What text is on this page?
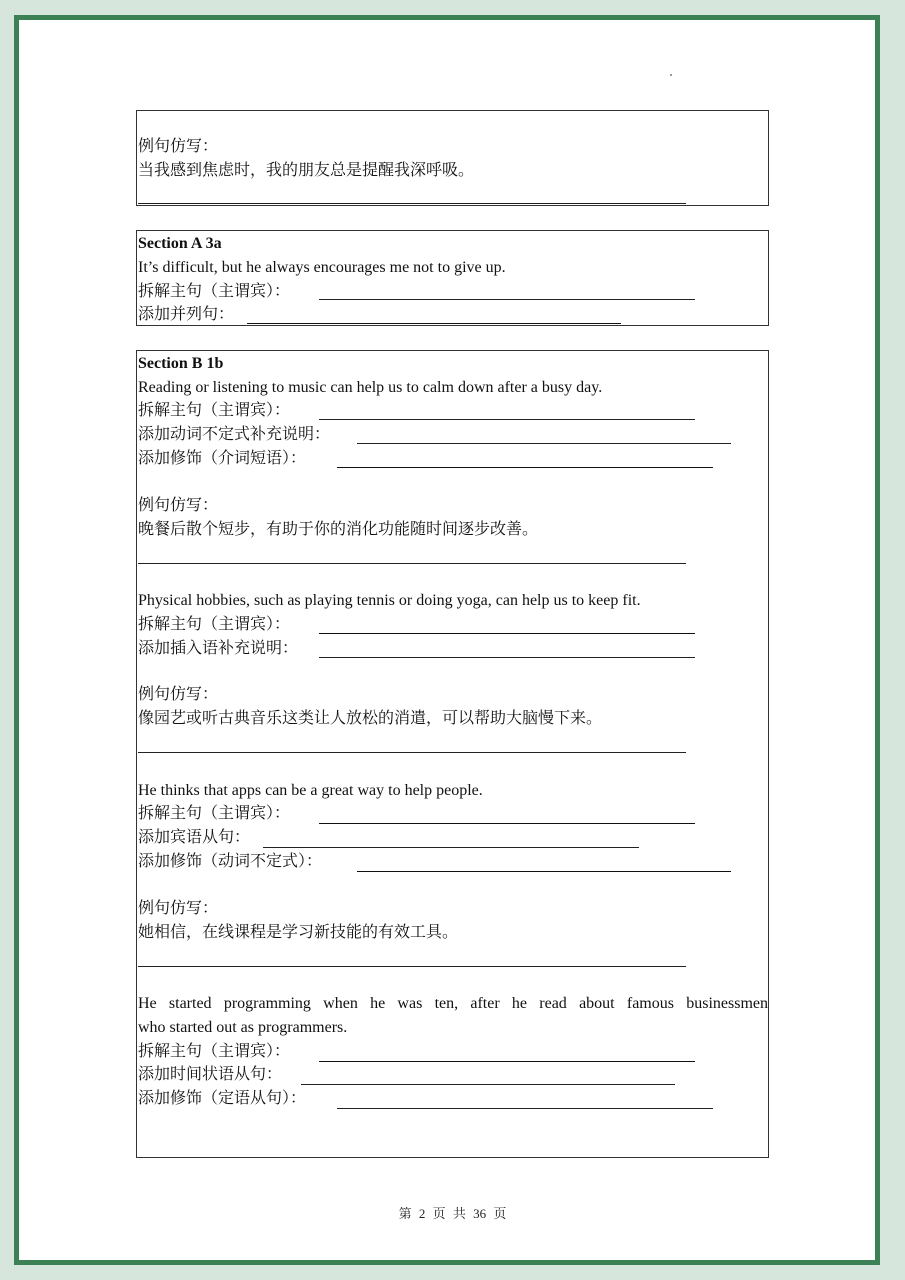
例句仿写：
当我感到焦虑时，我的朋友总是提醒我深呼吸。
Section A 3a
It’s difficult, but he always encourages me not to give up.
拆解主句（主谓宾）：
添加并列句：
Section B 1b
Reading or listening to music can help us to calm down after a busy day.
拆解主句（主谓宾）：
添加动词不定式补充说明：
添加修饰（介词短语）：
例句仿写：
晚餐后散个短步，有助于你的消化功能随时间逐步改善。
Physical hobbies, such as playing tennis or doing yoga, can help us to keep fit.
拆解主句（主谓宾）：
添加插入语补充说明：
例句仿写：
像园艺或听古典音乐这类让人放松的消遣，可以帮助大脑慢下来。
He thinks that apps can be a great way to help people.
拆解主句（主谓宾）：
添加宾语从句：
添加修饰（动词不定式）：
例句仿写：
她相信，在线课程是学习新技能的有效工具。
He started programming when he was ten, after he read about famous businessmen
who started out as programmers.
拆解主句（主谓宾）：
添加时间状语从句：
添加修饰（定语从句）：
第 2 页 共 36 页
